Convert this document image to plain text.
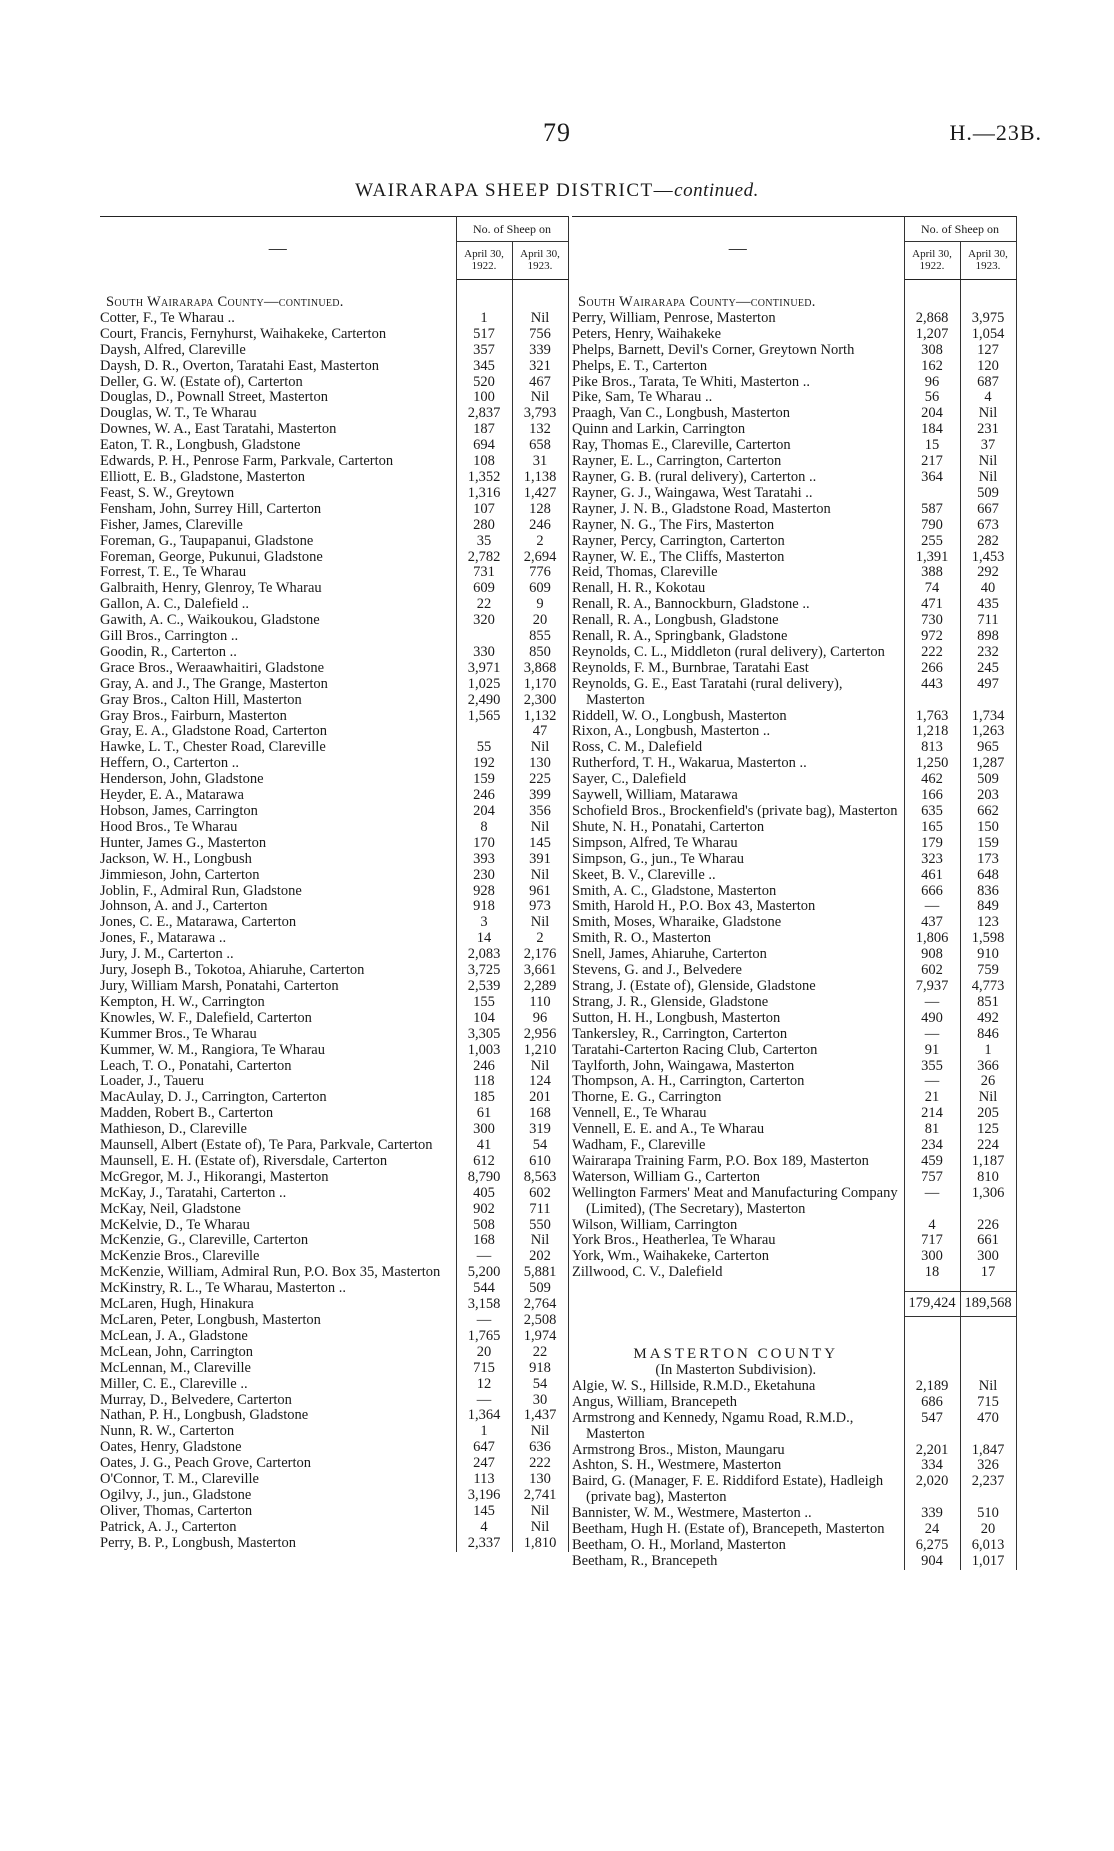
79	H.—23B.
WAIRARAPA SHEEP DISTRICT—continued.
—	No. of Sheep on	
	April 30, 1922.	April 30, 1923.
South Wairarapa County—continued.		
Cotter, F., Te Wharau ..	1	Nil
Court, Francis, Fernyhurst, Waihakeke, Carterton	517	756
Daysh, Alfred, Clareville	357	339
Daysh, D. R., Overton, Taratahi East, Masterton	345	321
Deller, G. W. (Estate of), Carterton	520	467
Douglas, D., Pownall Street, Masterton	100	Nil
Douglas, W. T., Te Wharau	2,837	3,793
Downes, W. A., East Taratahi, Masterton	187	132
Eaton, T. R., Longbush, Gladstone	694	658
Edwards, P. H., Penrose Farm, Parkvale, Carterton	108	31
Elliott, E. B., Gladstone, Masterton	1,352	1,138
Feast, S. W., Greytown	1,316	1,427
Fensham, John, Surrey Hill, Carterton	107	128
Fisher, James, Clareville	280	246
Foreman, G., Taupapanui, Gladstone	35	2
Foreman, George, Pukunui, Gladstone	2,782	2,694
Forrest, T. E., Te Wharau	731	776
Galbraith, Henry, Glenroy, Te Wharau	609	609
Gallon, A. C., Dalefield ..	22	9
Gawith, A. C., Waikoukou, Gladstone	320	20
Gill Bros., Carrington ..		855
Goodin, R., Carterton ..	330	850
Grace Bros., Weraawhaitiri, Gladstone	3,971	3,868
Gray, A. and J., The Grange, Masterton	1,025	1,170
Gray Bros., Calton Hill, Masterton	2,490	2,300
Gray Bros., Fairburn, Masterton	1,565	1,132
Gray, E. A., Gladstone Road, Carterton		47
Hawke, L. T., Chester Road, Clareville	55	Nil
Heffern, O., Carterton ..	192	130
Henderson, John, Gladstone	159	225
Heyder, E. A., Matarawa	246	399
Hobson, James, Carrington	204	356
Hood Bros., Te Wharau	8	Nil
Hunter, James G., Masterton	170	145
Jackson, W. H., Longbush	393	391
Jimmieson, John, Carterton	230	Nil
Joblin, F., Admiral Run, Gladstone	928	961
Johnson, A. and J., Carterton	918	973
Jones, C. E., Matarawa, Carterton	3	Nil
Jones, F., Matarawa ..	14	2
Jury, J. M., Carterton ..	2,083	2,176
Jury, Joseph B., Tokotoa, Ahiaruhe, Carterton	3,725	3,661
Jury, William Marsh, Ponatahi, Carterton	2,539	2,289
Kempton, H. W., Carrington	155	110
Knowles, W. F., Dalefield, Carterton	104	96
Kummer Bros., Te Wharau	3,305	2,956
Kummer, W. M., Rangiora, Te Wharau	1,003	1,210
Leach, T. O., Ponatahi, Carterton	246	Nil
Loader, J., Taueru	118	124
MacAulay, D. J., Carrington, Carterton	185	201
Madden, Robert B., Carterton	61	168
Mathieson, D., Clareville	300	319
Maunsell, Albert (Estate of), Te Para, Parkvale, Carterton	41	54
Maunsell, E. H. (Estate of), Riversdale, Carterton	612	610
McGregor, M. J., Hikorangi, Masterton	8,790	8,563
McKay, J., Taratahi, Carterton ..	405	602
McKay, Neil, Gladstone	902	711
McKelvie, D., Te Wharau	508	550
McKenzie, G., Clareville, Carterton	168	Nil
McKenzie Bros., Clareville	—	202
McKenzie, William, Admiral Run, P.O. Box 35, Masterton	5,200	5,881
McKinstry, R. L., Te Wharau, Masterton ..	544	509
McLaren, Hugh, Hinakura	3,158	2,764
McLaren, Peter, Longbush, Masterton	—	2,508
McLean, J. A., Gladstone	1,765	1,974
McLean, John, Carrington	20	22
McLennan, M., Clareville	715	918
Miller, C. E., Clareville ..	12	54
Murray, D., Belvedere, Carterton	—	30
Nathan, P. H., Longbush, Gladstone	1,364	1,437
Nunn, R. W., Carterton	1	Nil
Oates, Henry, Gladstone	647	636
Oates, J. G., Peach Grove, Carterton	247	222
O'Connor, T. M., Clareville	113	130
Ogilvy, J., jun., Gladstone	3,196	2,741
Oliver, Thomas, Carterton	145	Nil
Patrick, A. J., Carterton	4	Nil
Perry, B. P., Longbush, Masterton	2,337	1,810
—	No. of Sheep on	
	April 30, 1922.	April 30, 1923.
South Wairarapa County—continued.		
Perry, William, Penrose, Masterton	2,868	3,975
Peters, Henry, Waihakeke	1,207	1,054
Phelps, Barnett, Devil's Corner, Greytown North	308	127
Phelps, E. T., Carterton	162	120
Pike Bros., Tarata, Te Whiti, Masterton ..	96	687
Pike, Sam, Te Wharau ..	56	4
Praagh, Van C., Longbush, Masterton	204	Nil
Quinn and Larkin, Carrington	184	231
Ray, Thomas E., Clareville, Carterton	15	37
Rayner, E. L., Carrington, Carterton	217	Nil
Rayner, G. B. (rural delivery), Carterton ..	364	Nil
Rayner, G. J., Waingawa, West Taratahi ..		509
Rayner, J. N. B., Gladstone Road, Masterton	587	667
Rayner, N. G., The Firs, Masterton	790	673
Rayner, Percy, Carrington, Carterton	255	282
Rayner, W. E., The Cliffs, Masterton	1,391	1,453
Reid, Thomas, Clareville	388	292
Renall, H. R., Kokotau	74	40
Renall, R. A., Bannockburn, Gladstone ..	471	435
Renall, R. A., Longbush, Gladstone	730	711
Renall, R. A., Springbank, Gladstone	972	898
Reynolds, C. L., Middleton (rural delivery), Carterton	222	232
Reynolds, F. M., Burnbrae, Taratahi East	266	245
Reynolds, G. E., East Taratahi (rural delivery), Masterton	443	497
Riddell, W. O., Longbush, Masterton	1,763	1,734
Rixon, A., Longbush, Masterton ..	1,218	1,263
Ross, C. M., Dalefield	813	965
Rutherford, T. H., Wakarua, Masterton ..	1,250	1,287
Sayer, C., Dalefield	462	509
Saywell, William, Matarawa	166	203
Schofield Bros., Brockenfield's (private bag), Masterton	635	662
Shute, N. H., Ponatahi, Carterton	165	150
Simpson, Alfred, Te Wharau	179	159
Simpson, G., jun., Te Wharau	323	173
Skeet, B. V., Clareville ..	461	648
Smith, A. C., Gladstone, Masterton	666	836
Smith, Harold H., P.O. Box 43, Masterton	—	849
Smith, Moses, Wharaike, Gladstone	437	123
Smith, R. O., Masterton	1,806	1,598
Snell, James, Ahiaruhe, Carterton	908	910
Stevens, G. and J., Belvedere	602	759
Strang, J. (Estate of), Glenside, Gladstone	7,937	4,773
Strang, J. R., Glenside, Gladstone	—	851
Sutton, H. H., Longbush, Masterton	490	492
Tankersley, R., Carrington, Carterton	—	846
Taratahi-Carterton Racing Club, Carterton	91	1
Taylforth, John, Waingawa, Masterton	355	366
Thompson, A. H., Carrington, Carterton	—	26
Thorne, E. G., Carrington	21	Nil
Vennell, E., Te Wharau	214	205
Vennell, E. E. and A., Te Wharau	81	125
Wadham, F., Clareville	234	224
Wairarapa Training Farm, P.O. Box 189, Masterton	459	1,187
Waterson, William G., Carterton	757	810
Wellington Farmers' Meat and Manufacturing Company (Limited), (The Secretary), Masterton	—	1,306
Wilson, William, Carrington	4	226
York Bros., Heatherlea, Te Wharau	717	661
York, Wm., Waihakeke, Carterton	300	300
Zillwood, C. V., Dalefield	18	17

	179,424	189,568

MASTERTON COUNTY		
(In Masterton Subdivision).		
Algie, W. S., Hillside, R.M.D., Eketahuna	2,189	Nil
Angus, William, Brancepeth	686	715
Armstrong and Kennedy, Ngamu Road, R.M.D., Masterton	547	470
Armstrong Bros., Miston, Maungaru	2,201	1,847
Ashton, S. H., Westmere, Masterton	334	326
Baird, G. (Manager, F. E. Riddiford Estate), Hadleigh (private bag), Masterton	2,020	2,237
Bannister, W. M., Westmere, Masterton ..	339	510
Beetham, Hugh H. (Estate of), Brancepeth, Masterton	24	20
Beetham, O. H., Morland, Masterton	6,275	6,013
Beetham, R., Brancepeth	904	1,017
